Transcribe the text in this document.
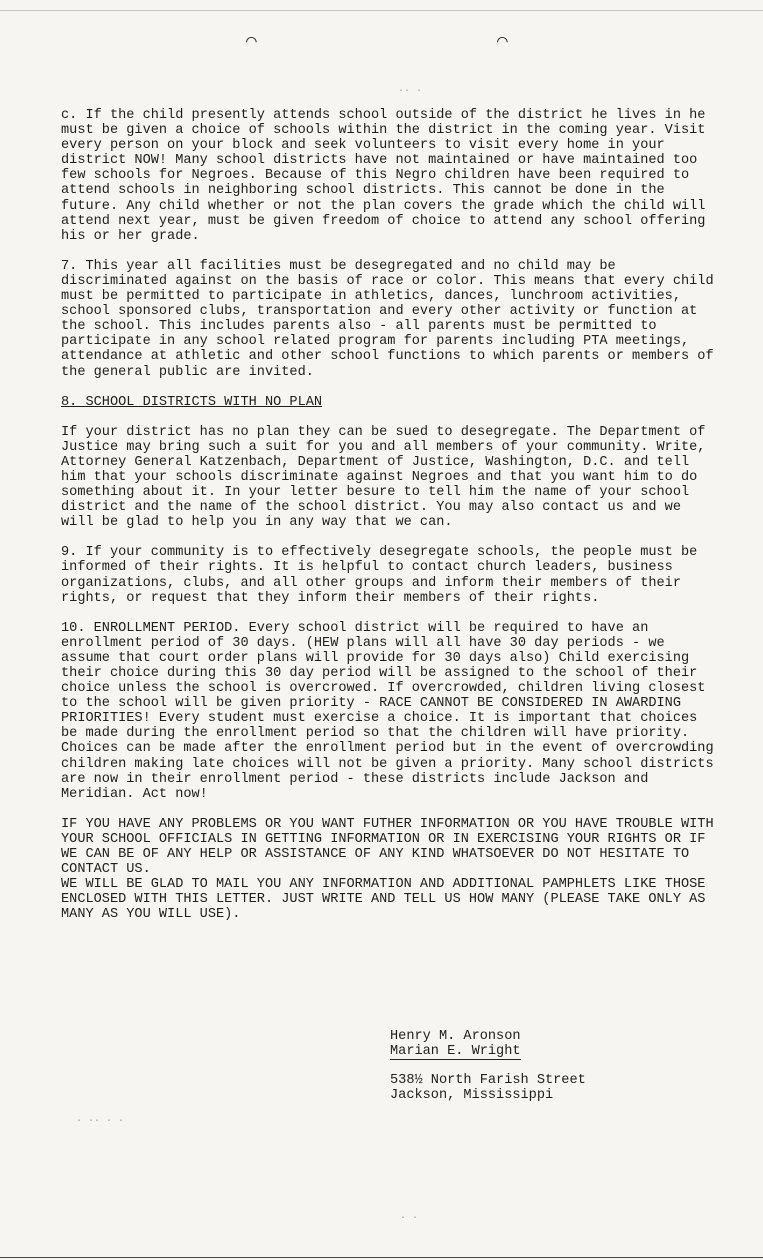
⌒	⌒

c. If the child presently attends school outside of the district he lives in he must be given a choice of schools within the district in the coming year. Visit every person on your block and seek volunteers to visit every home in your district NOW! Many school districts have not maintained or have maintained too few schools for Negroes. Because of this Negro children have been required to attend schools in neighboring school districts. This cannot be done in the future. Any child whether or not the plan covers the grade which the child will attend next year, must be given freedom of choice to attend any school offering his or her grade.

7. This year all facilities must be desegregated and no child may be discriminated against on the basis of race or color. This means that every child must be permitted to participate in athletics, dances, lunchroom activities, school sponsored clubs, transportation and every other activity or function at the school. This includes parents also - all parents must be permitted to participate in any school related program for parents including PTA meetings, attendance at athletic and other school functions to which parents or members of the general public are invited.

8. SCHOOL DISTRICTS WITH NO PLAN

If your district has no plan they can be sued to desegregate. The Department of Justice may bring such a suit for you and all members of your community. Write, Attorney General Katzenbach, Department of Justice, Washington, D.C. and tell him that your schools discriminate against Negroes and that you want him to do something about it. In your letter besure to tell him the name of your school district and the name of the school district. You may also contact us and we will be glad to help you in any way that we can.

9. If your community is to effectively desegregate schools, the people must be informed of their rights. It is helpful to contact church leaders, business organizations, clubs, and all other groups and inform their members of their rights, or request that they inform their members of their rights.

10. ENROLLMENT PERIOD. Every school district will be required to have an enrollment period of 30 days. (HEW plans will all have 30 day periods - we assume that court order plans will provide for 30 days also) Child exercising their choice during this 30 day period will be assigned to the school of their choice unless the school is overcrowed. If overcrowded, children living closest to the school will be given priority - RACE CANNOT BE CONSIDERED IN AWARDING PRIORITIES! Every student must exercise a choice. It is important that choices be made during the enrollment period so that the children will have priority. Choices can be made after the enrollment period but in the event of overcrowding children making late choices will not be given a priority. Many school districts are now in their enrollment period - these districts include Jackson and Meridian. Act now!

IF YOU HAVE ANY PROBLEMS OR YOU WANT FUTHER INFORMATION OR YOU HAVE TROUBLE WITH YOUR SCHOOL OFFICIALS IN GETTING INFORMATION OR IN EXERCISING YOUR RIGHTS OR IF WE CAN BE OF ANY HELP OR ASSISTANCE OF ANY KIND WHATSOEVER DO NOT HESITATE TO CONTACT US.

WE WILL BE GLAD TO MAIL YOU ANY INFORMATION AND ADDITIONAL PAMPHLETS LIKE THOSE ENCLOSED WITH THIS LETTER. JUST WRITE AND TELL US HOW MANY (PLEASE TAKE ONLY AS MANY AS YOU WILL USE).

Henry M. Aronson
Marian E. Wright
538½ North Farish Street
Jackson, Mississippi
·· ·
· ·· · ·
· ·
